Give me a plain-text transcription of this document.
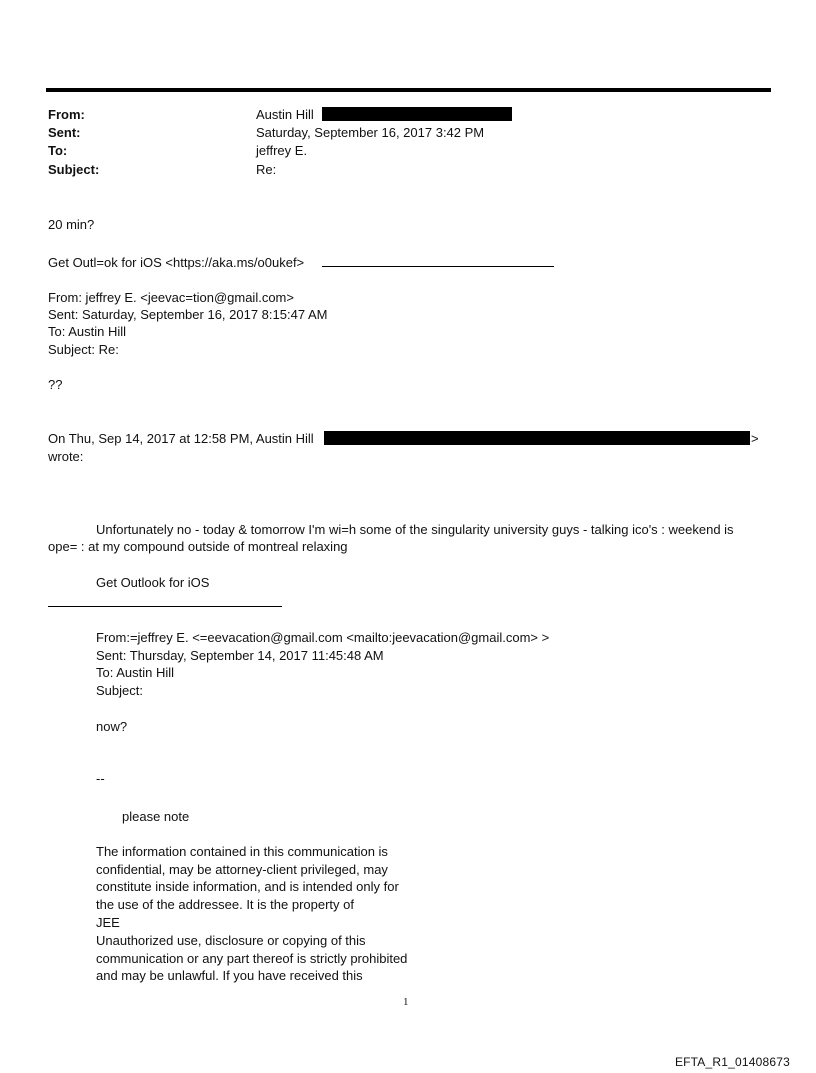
From:
Sent:
To:
Subject:
Austin Hill
Saturday, September 16, 2017 3:42 PM
jeffrey E.
Re:
20 min?
Get Outl=ok for iOS <https://aka.ms/o0ukef>
From: jeffrey E. <jeevac=tion@gmail.com>
Sent: Saturday, September 16, 2017 8:15:47 AM
To: Austin Hill
Subject: Re:
??
On Thu, Sep 14, 2017 at 12:58 PM, Austin Hill	>
wrote:
Unfortunately no - today & tomorrow I'm wi=h some of the singularity university guys - talking ico's : weekend is
ope= : at my compound outside of montreal relaxing
Get Outlook for iOS
From:=jeffrey E. <=eevacation@gmail.com <mailto:jeevacation@gmail.com> >
Sent: Thursday, September 14, 2017 11:45:48 AM
To: Austin Hill
Subject:
now?
--
please note
The information contained in this communication is
confidential, may be attorney-client privileged, may
constitute inside information, and is intended only for
the use of the addressee. It is the property of
JEE
Unauthorized use, disclosure or copying of this
communication or any part thereof is strictly prohibited
and may be unlawful. If you have received this
1
EFTA_R1_01408673
